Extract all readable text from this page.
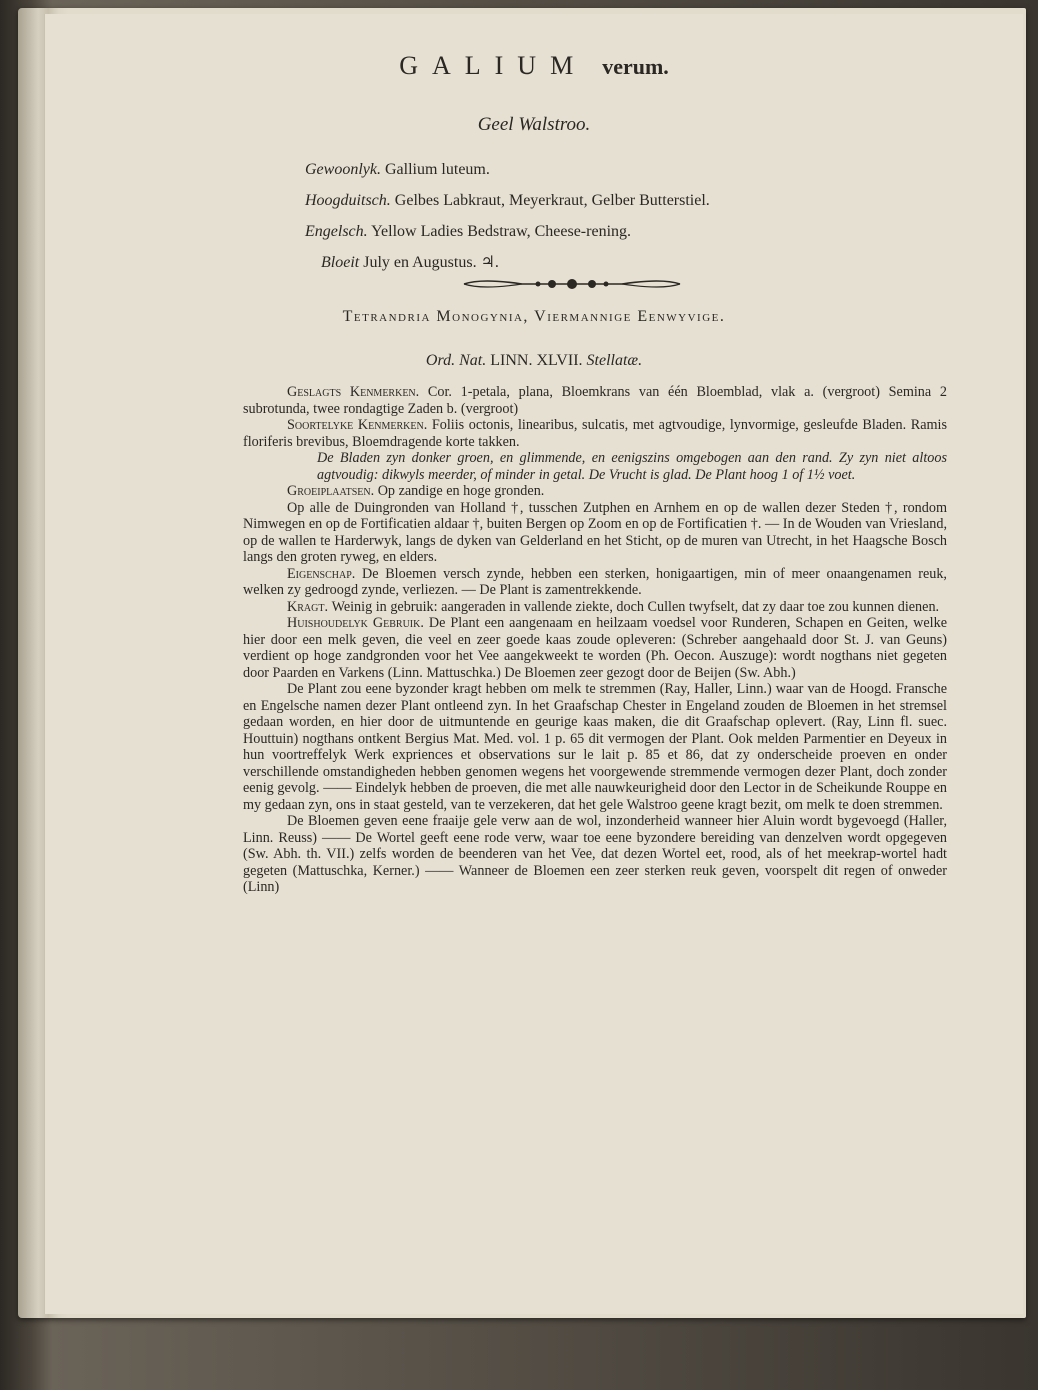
GALIUM verum.
Geel Walstroo.
Gewoonlyk. Gallium luteum.
Hoogduitsch. Gelbes Labkraut, Meyerkraut, Gelber Butterstiel.
Engelsch. Yellow Ladies Bedstraw, Cheese-rening.
Bloeit July en Augustus. ♃.
Tetrandria Monogynia, Viermannige Eenwyvige.
Ord. Nat. LINN. XLVII. Stellatæ.

Geslagts Kenmerken. Cor. 1-petala, plana, Bloemkrans van één Bloemblad, vlak a. (vergroot) Semina 2 subrotunda, twee rondagtige Zaden b. (vergroot)

Soortelyke Kenmerken. Foliis octonis, linearibus, sulcatis, met agtvoudige, lynvormige, gesleufde Bladen. Ramis floriferis brevibus, Bloemdragende korte takken.

De Bladen zyn donker groen, en glimmende, en eenigszins omgebogen aan den rand. Zy zyn niet altoos agtvoudig: dikwyls meerder, of minder in getal. De Vrucht is glad. De Plant hoog 1 of 1½ voet.

Groeiplaatsen. Op zandige en hoge gronden.

Op alle de Duingronden van Holland †, tusschen Zutphen en Arnhem en op de wallen dezer Steden †, rondom Nimwegen en op de Fortificatien aldaar †, buiten Bergen op Zoom en op de Fortificatien †. — In de Wouden van Vriesland, op de wallen te Harderwyk, langs de dyken van Gelderland en het Sticht, op de muren van Utrecht, in het Haagsche Bosch langs den groten ryweg, en elders.

Eigenschap. De Bloemen versch zynde, hebben een sterken, honigaartigen, min of meer onaangenamen reuk, welken zy gedroogd zynde, verliezen. — De Plant is zamentrekkende.

Kragt. Weinig in gebruik: aangeraden in vallende ziekte, doch Cullen twyfselt, dat zy daar toe zou kunnen dienen.

Huishoudelyk Gebruik. De Plant een aangenaam en heilzaam voedsel voor Runderen, Schapen en Geiten, welke hier door een melk geven, die veel en zeer goede kaas zoude opleveren: (Schreber aangehaald door St. J. van Geuns) verdient op hoge zandgronden voor het Vee aangekweekt te worden (Ph. Oecon. Auszuge): wordt nogthans niet gegeten door Paarden en Varkens (Linn. Mattuschka.) De Bloemen zeer gezogt door de Beijen (Sw. Abh.)

De Plant zou eene byzonder kragt hebben om melk te stremmen (Ray, Haller, Linn.) waar van de Hoogd. Fransche en Engelsche namen dezer Plant ontleend zyn. In het Graafschap Chester in Engeland zouden de Bloemen in het stremsel gedaan worden, en hier door de uitmuntende en geurige kaas maken, die dit Graafschap oplevert. (Ray, Linn fl. suec. Houttuin) nogthans ontkent Bergius Mat. Med. vol. 1 p. 65 dit vermogen der Plant. Ook melden Parmentier en Deyeux in hun voortreffelyk Werk expriences et observations sur le lait p. 85 et 86, dat zy onderscheide proeven en onder verschillende omstandigheden hebben genomen wegens het voorgewende stremmende vermogen dezer Plant, doch zonder eenig gevolg. —— Eindelyk hebben de proeven, die met alle nauwkeurigheid door den Lector in de Scheikunde Rouppe en my gedaan zyn, ons in staat gesteld, van te verzekeren, dat het gele Walstroo geene kragt bezit, om melk te doen stremmen.

De Bloemen geven eene fraaije gele verw aan de wol, inzonderheid wanneer hier Aluin wordt bygevoegd (Haller, Linn. Reuss) —— De Wortel geeft eene rode verw, waar toe eene byzondere bereiding van denzelven wordt opgegeven (Sw. Abh. th. VII.) zelfs worden de beenderen van het Vee, dat dezen Wortel eet, rood, als of het meekrap-wortel hadt gegeten (Mattuschka, Kerner.) —— Wanneer de Bloemen een zeer sterken reuk geven, voorspelt dit regen of onweder (Linn)
